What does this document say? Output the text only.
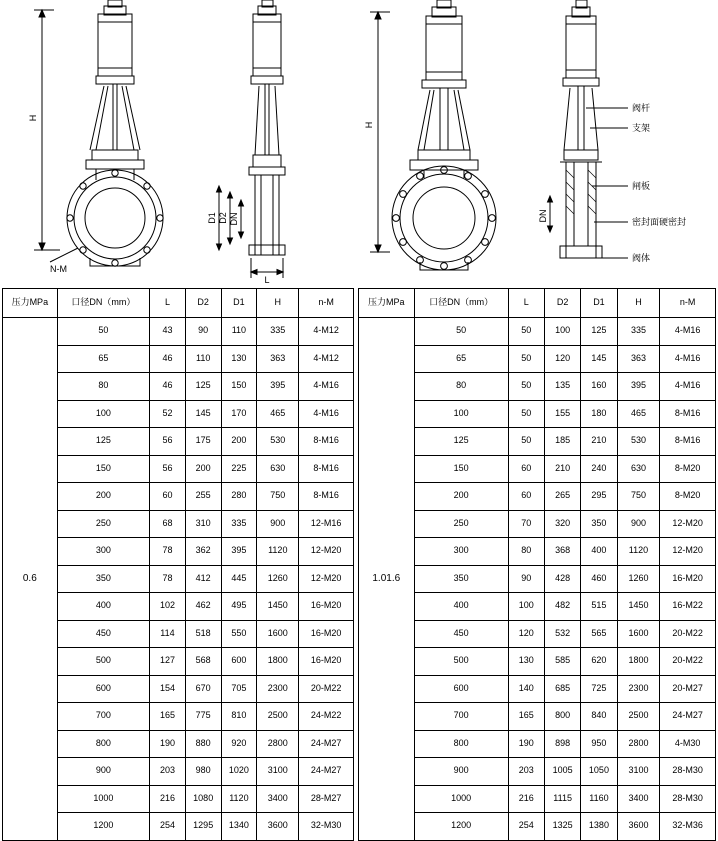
H
N-M
D1 D2 DN
L
H
DN
阀杆
支架
闸板
密封面硬密封
阀体
压力MPa	口径DN（mm）	L	D2	D1	H	n-M
0.6	50	43	90	110	335	4-M12
	65	46	110	130	363	4-M12
	80	46	125	150	395	4-M16
	100	52	145	170	465	4-M16
	125	56	175	200	530	8-M16
	150	56	200	225	630	8-M16
	200	60	255	280	750	8-M16
	250	68	310	335	900	12-M16
	300	78	362	395	1120	12-M20
	350	78	412	445	1260	12-M20
	400	102	462	495	1450	16-M20
	450	114	518	550	1600	16-M20
	500	127	568	600	1800	16-M20
	600	154	670	705	2300	20-M22
	700	165	775	810	2500	24-M22
	800	190	880	920	2800	24-M27
	900	203	980	1020	3100	24-M27
	1000	216	1080	1120	3400	28-M27
	1200	254	1295	1340	3600	32-M30
压力MPa	口径DN（mm）	L	D2	D1	H	n-M
1.01.6	50	50	100	125	335	4-M16
	65	50	120	145	363	4-M16
	80	50	135	160	395	4-M16
	100	50	155	180	465	8-M16
	125	50	185	210	530	8-M16
	150	60	210	240	630	8-M20
	200	60	265	295	750	8-M20
	250	70	320	350	900	12-M20
	300	80	368	400	1120	12-M20
	350	90	428	460	1260	16-M20
	400	100	482	515	1450	16-M22
	450	120	532	565	1600	20-M22
	500	130	585	620	1800	20-M22
	600	140	685	725	2300	20-M27
	700	165	800	840	2500	24-M27
	800	190	898	950	2800	4-M30
	900	203	1005	1050	3100	28-M30
	1000	216	1115	1160	3400	28-M30
	1200	254	1325	1380	3600	32-M36
